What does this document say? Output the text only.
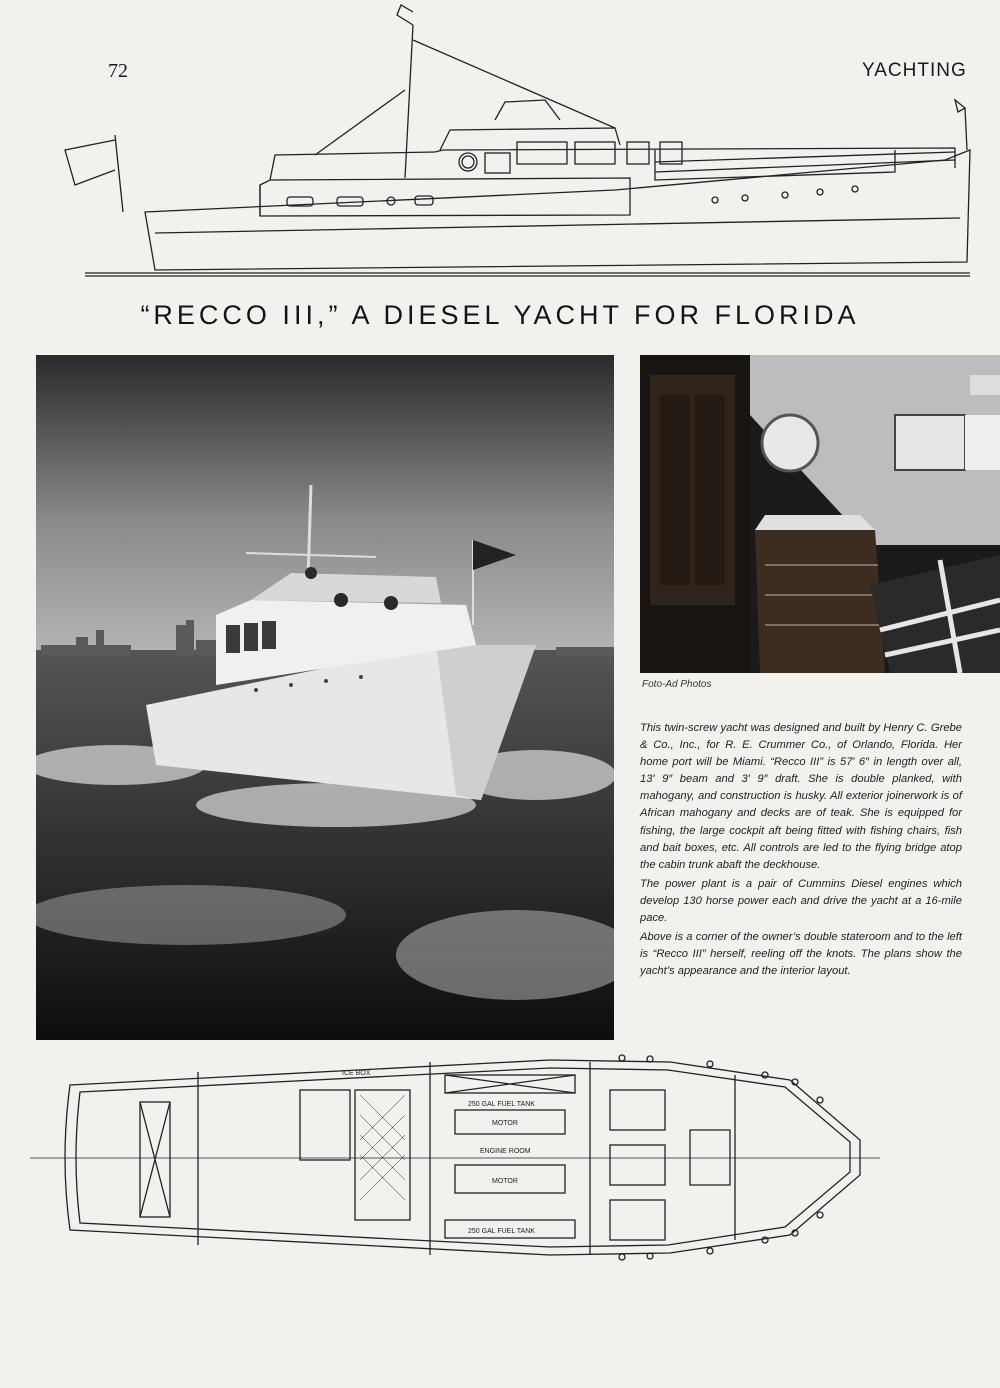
72	YACHTING
“RECCO III,” A DIESEL YACHT FOR FLORIDA
Foto-Ad Photos

This twin-screw yacht was designed and built by Henry C. Grebe & Co., Inc., for R. E. Crummer Co., of Orlando, Florida. Her home port will be Miami. “Recco III” is 57′ 6″ in length over all, 13′ 9″ beam and 3′ 9″ draft. She is double planked, with mahogany, and construction is husky. All exterior joinerwork is of African mahogany and decks are of teak. She is equipped for fishing, the large cockpit aft being fitted with fishing chairs, fish and bait boxes, etc. All controls are led to the flying bridge atop the cabin trunk abaft the deckhouse.

The power plant is a pair of Cummins Diesel engines which develop 130 horse power each and drive the yacht at a 16-mile pace.

Above is a corner of the owner’s double stateroom and to the left is “Recco III” herself, reeling off the knots. The plans show the yacht’s appearance and the interior layout.

ICE BOX
250 GAL FUEL TANK
MOTOR
ENGINE ROOM
MOTOR
250 GAL FUEL TANK
